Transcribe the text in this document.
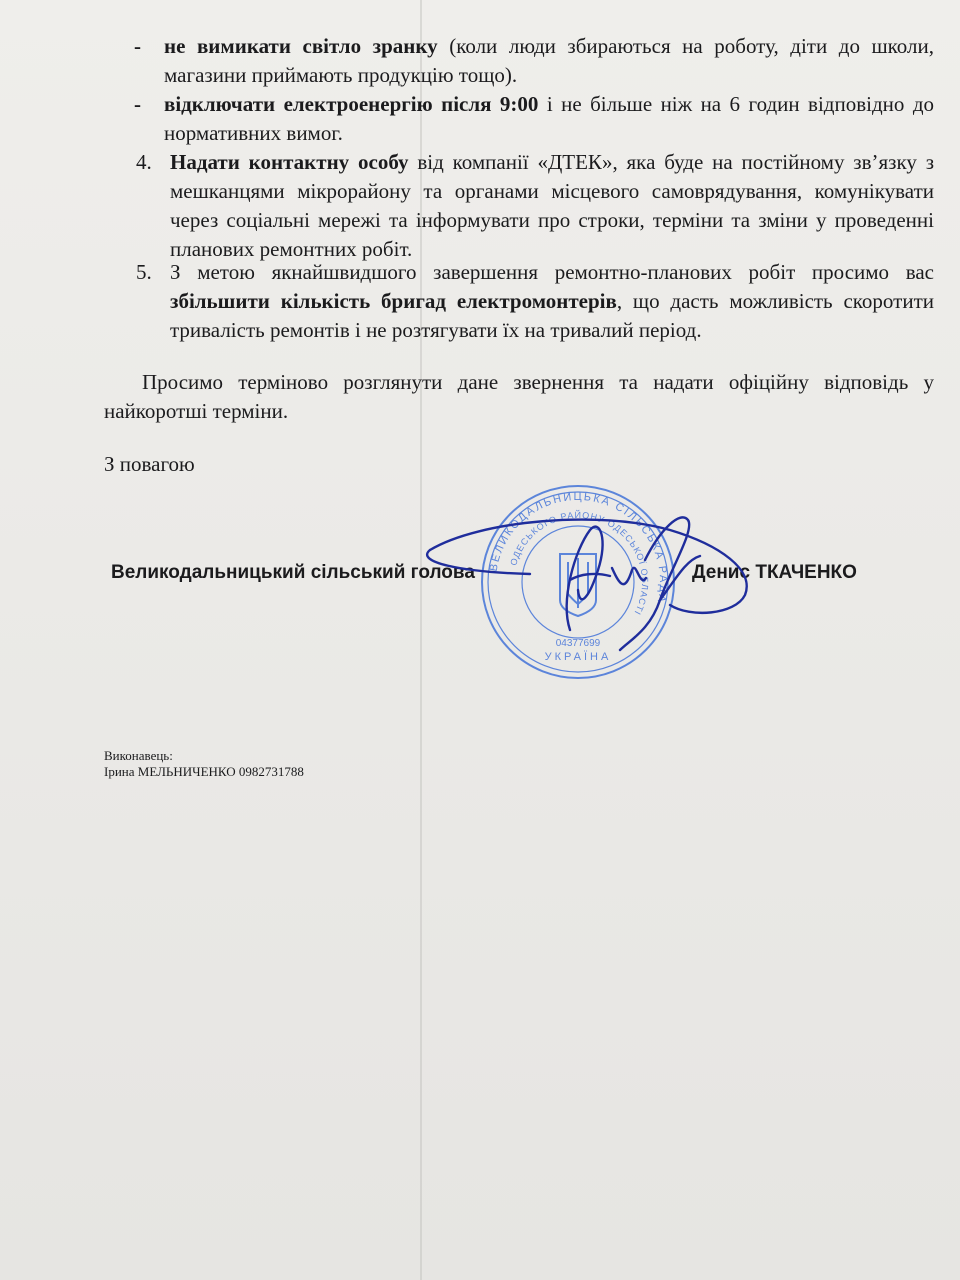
- не вимикати світло зранку (коли люди збираються на роботу, діти до школи, магазини приймають продукцію тощо).
- відключати електроенергію після 9:00 і не більше ніж на 6 годин відповідно до нормативних вимог.
4. Надати контактну особу від компанії «ДТЕК», яка буде на постійному зв’язку з мешканцями мікрорайону та органами місцевого самоврядування, комунікувати через соціальні мережі та інформувати про строки, терміни та зміни у проведенні планових ремонтних робіт.
5. З метою якнайшвидшого завершення ремонтно-планових робіт просимо вас збільшити кількість бригад електромонтерів, що дасть можливість скоротити тривалість ремонтів і не розтягувати їх на тривалий період.

Просимо терміново розглянути дане звернення та надати офіційну відповідь у найкоротші терміни.

З повагою

ВЕЛИКОДАЛЬНИЦЬКА СІЛЬСЬКА РАДА
ОДЕСЬКОГО РАЙОНУ ОДЕСЬКОЇ ОБЛАСТІ
УКРАЇНА
04377699
Великодальницький сільський голова	Денис ТКАЧЕНКО
Виконавець:
Ірина МЕЛЬНИЧЕНКО 0982731788
